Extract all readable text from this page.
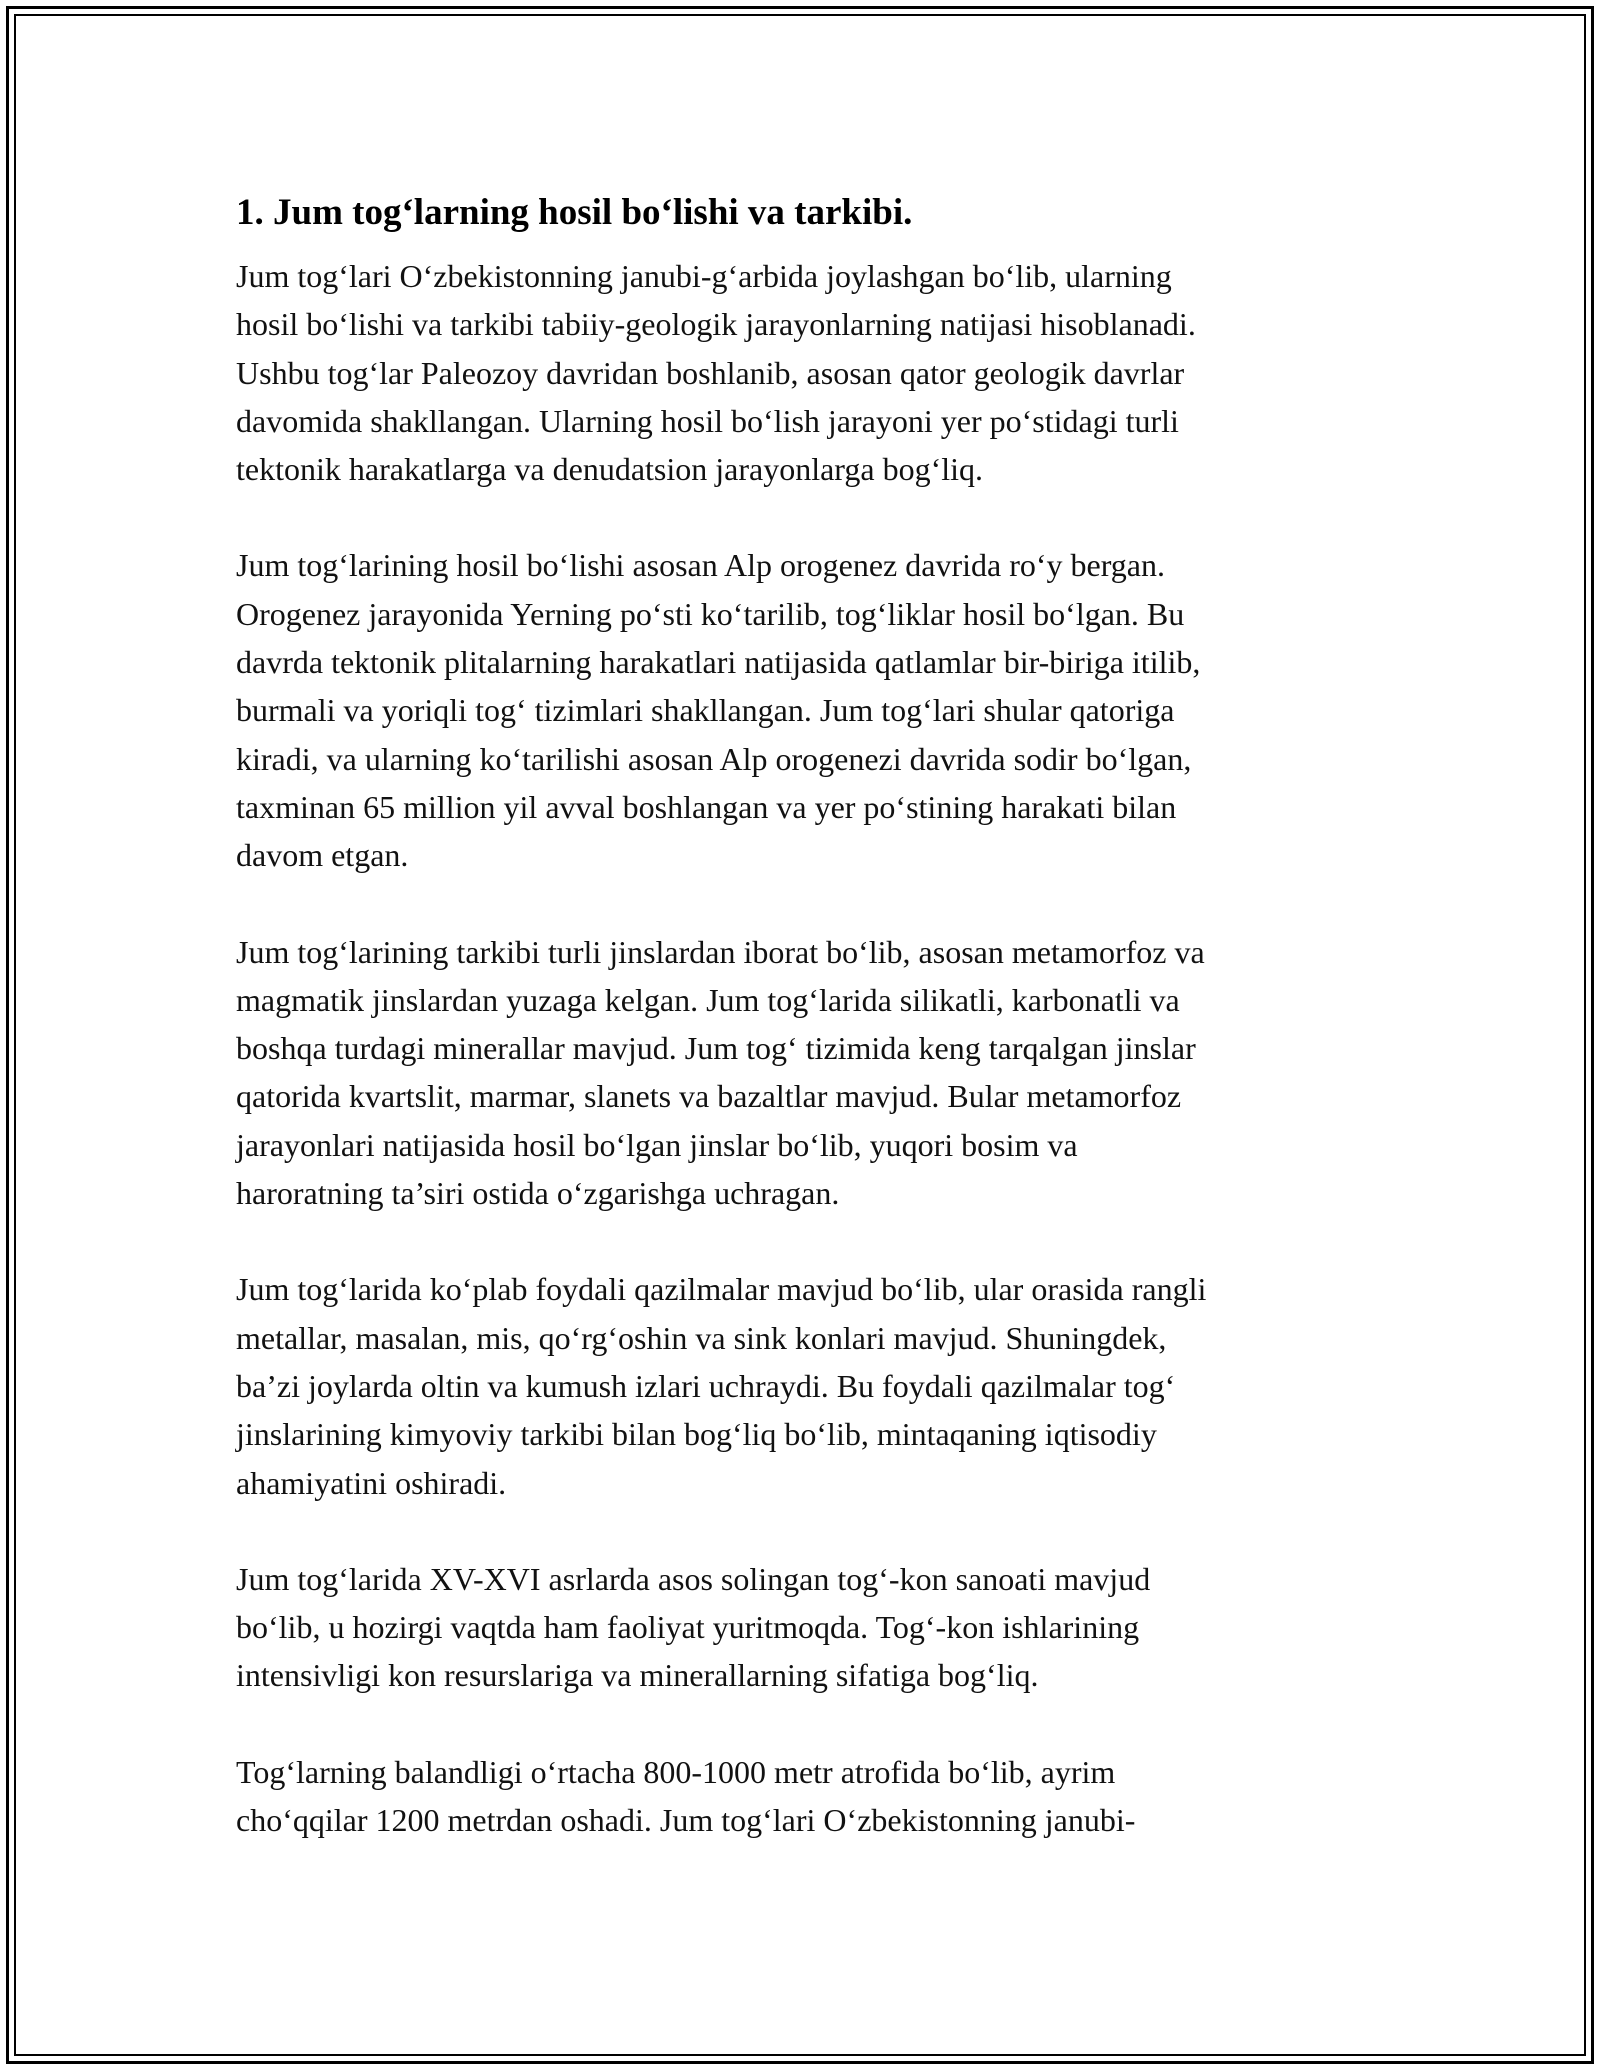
1. Jum tog‘larning hosil bo‘lishi va tarkibi.

Jum tog‘lari O‘zbekistonning janubi-g‘arbida joylashgan bo‘lib, ularning
hosil bo‘lishi va tarkibi tabiiy-geologik jarayonlarning natijasi hisoblanadi.
Ushbu tog‘lar Paleozoy davridan boshlanib, asosan qator geologik davrlar
davomida shakllangan. Ularning hosil bo‘lish jarayoni yer po‘stidagi turli
tektonik harakatlarga va denudatsion jarayonlarga bog‘liq.

Jum tog‘larining hosil bo‘lishi asosan Alp orogenez davrida ro‘y bergan.
Orogenez jarayonida Yerning po‘sti ko‘tarilib, tog‘liklar hosil bo‘lgan. Bu
davrda tektonik plitalarning harakatlari natijasida qatlamlar bir-biriga itilib,
burmali va yoriqli tog‘ tizimlari shakllangan. Jum tog‘lari shular qatoriga
kiradi, va ularning ko‘tarilishi asosan Alp orogenezi davrida sodir bo‘lgan,
taxminan 65 million yil avval boshlangan va yer po‘stining harakati bilan
davom etgan.

Jum tog‘larining tarkibi turli jinslardan iborat bo‘lib, asosan metamorfoz va
magmatik jinslardan yuzaga kelgan. Jum tog‘larida silikatli, karbonatli va
boshqa turdagi minerallar mavjud. Jum tog‘ tizimida keng tarqalgan jinslar
qatorida kvartslit, marmar, slanets va bazaltlar mavjud. Bular metamorfoz
jarayonlari natijasida hosil bo‘lgan jinslar bo‘lib, yuqori bosim va
haroratning ta’siri ostida o‘zgarishga uchragan.

Jum tog‘larida ko‘plab foydali qazilmalar mavjud bo‘lib, ular orasida rangli
metallar, masalan, mis, qo‘rg‘oshin va sink konlari mavjud. Shuningdek,
ba’zi joylarda oltin va kumush izlari uchraydi. Bu foydali qazilmalar tog‘
jinslarining kimyoviy tarkibi bilan bog‘liq bo‘lib, mintaqaning iqtisodiy
ahamiyatini oshiradi.

Jum tog‘larida XV-XVI asrlarda asos solingan tog‘-kon sanoati mavjud
bo‘lib, u hozirgi vaqtda ham faoliyat yuritmoqda. Tog‘-kon ishlarining
intensivligi kon resurslariga va minerallarning sifatiga bog‘liq.

Tog‘larning balandligi o‘rtacha 800-1000 metr atrofida bo‘lib, ayrim
cho‘qqilar 1200 metrdan oshadi. Jum tog‘lari O‘zbekistonning janubi-
